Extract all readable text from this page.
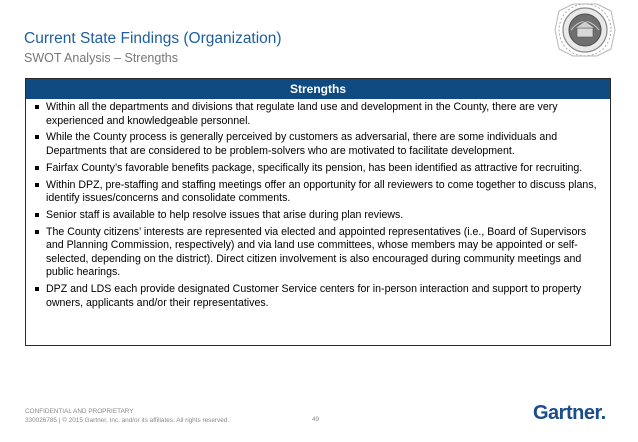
Current State Findings (Organization)
SWOT Analysis – Strengths
Strengths
Within all the departments and divisions that regulate land use and development in the County, there are very experienced and knowledgeable personnel.
While the County process is generally perceived by customers as adversarial, there are some individuals and Departments that are considered to be problem-solvers who are motivated to facilitate development.
Fairfax County’s favorable benefits package, specifically its pension, has been identified as attractive for recruiting.
Within DPZ, pre-staffing and staffing meetings offer an opportunity for all reviewers to come together to discuss plans, identify issues/concerns and consolidate comments.
Senior staff is available to help resolve issues that arise during plan reviews.
The County citizens’ interests are represented via elected and appointed representatives (i.e., Board of Supervisors and Planning Commission, respectively) and via land use committees, whose members may be appointed or self-selected, depending on the district). Direct citizen involvement is also encouraged during community meetings and public hearings.
DPZ and LDS each provide designated Customer Service centers for in-person interaction and support to property owners, applicants and/or their representatives.
CONFIDENTIAL AND PROPRIETARY
330026785 | © 2015 Gartner, Inc. and/or its affiliates. All rights reserved.	49	Gartner.
